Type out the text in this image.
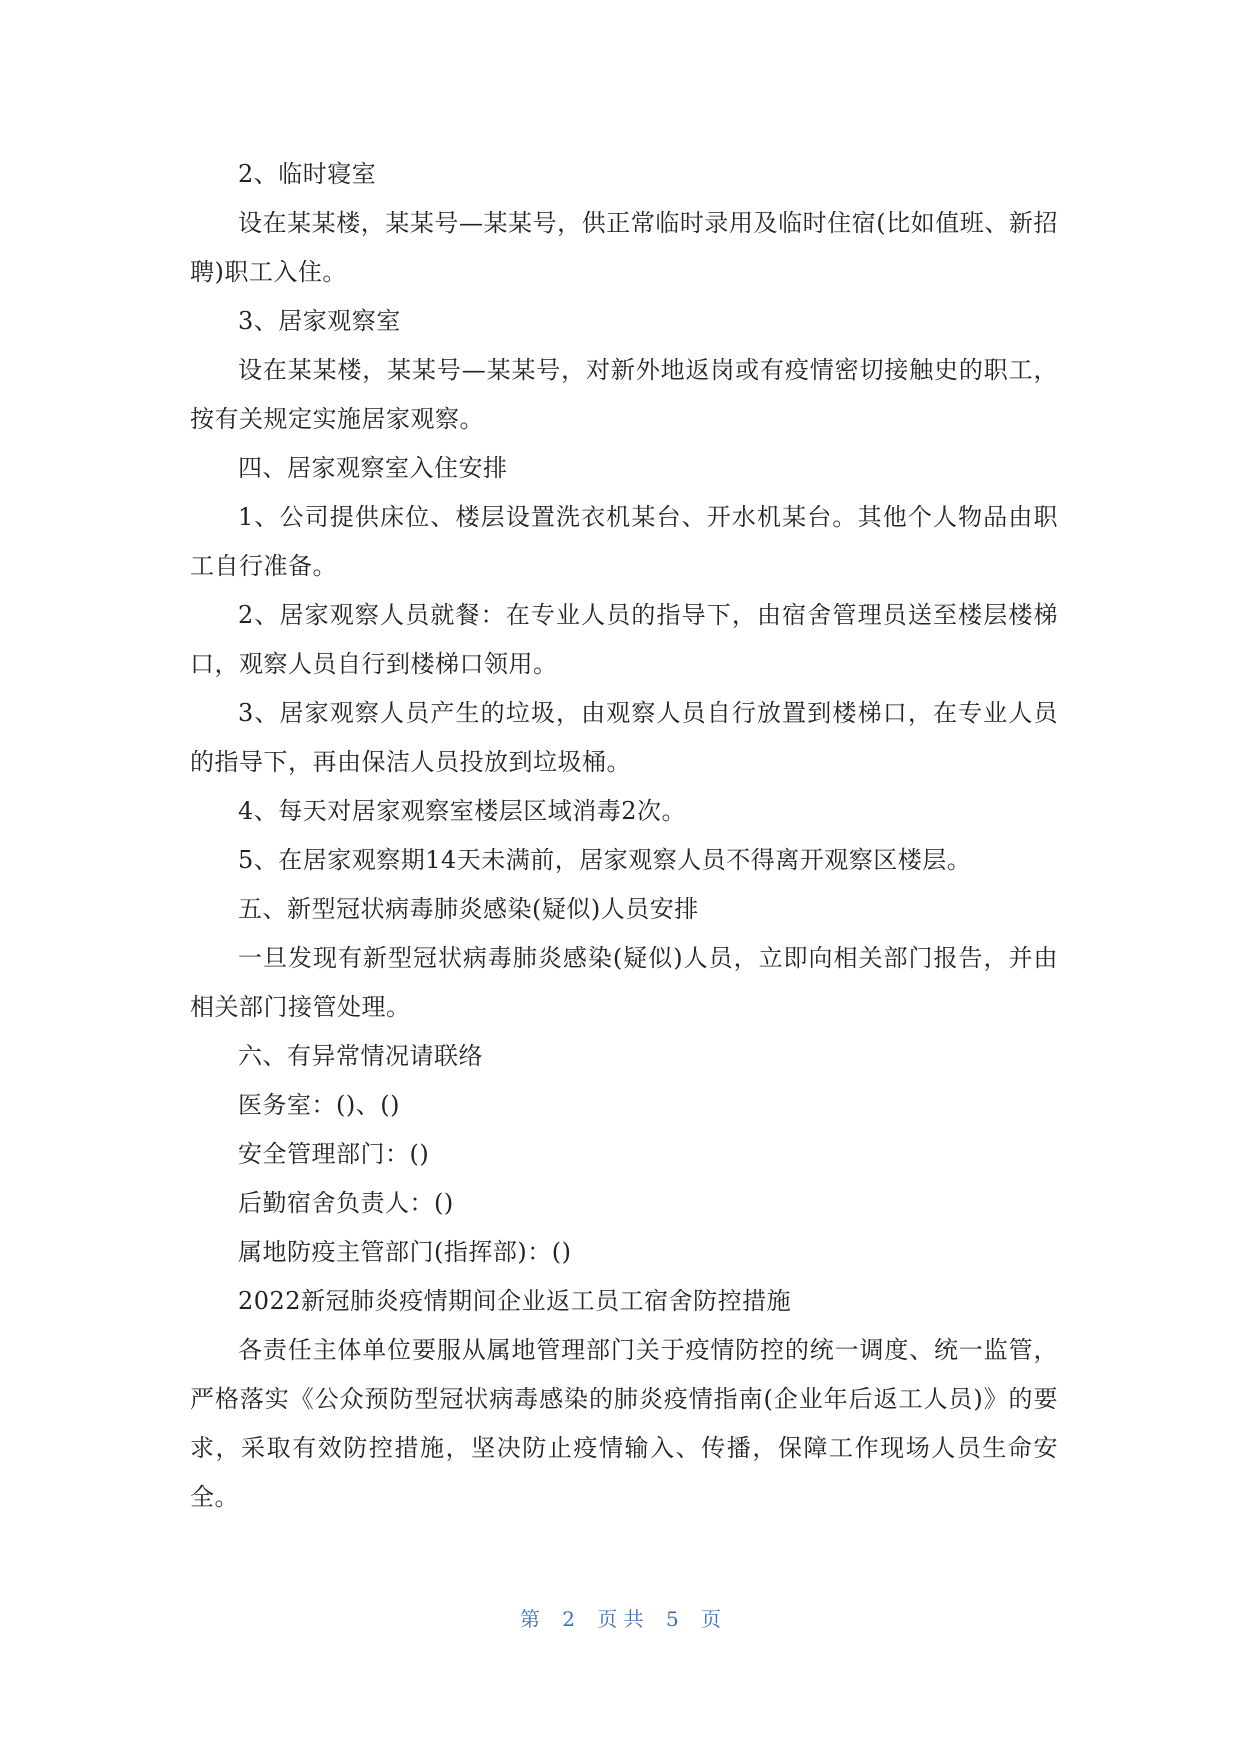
2、临时寝室

设在某某楼，某某号—某某号，供正常临时录用及临时住宿(比如值班、新招聘)职工入住。

3、居家观察室

设在某某楼，某某号—某某号，对新外地返岗或有疫情密切接触史的职工，按有关规定实施居家观察。

四、居家观察室入住安排

1、公司提供床位、楼层设置洗衣机某台、开水机某台。其他个人物品由职工自行准备。

2、居家观察人员就餐：在专业人员的指导下，由宿舍管理员送至楼层楼梯口，观察人员自行到楼梯口领用。

3、居家观察人员产生的垃圾，由观察人员自行放置到楼梯口，在专业人员的指导下，再由保洁人员投放到垃圾桶。

4、每天对居家观察室楼层区域消毒2次。

5、在居家观察期14天未满前，居家观察人员不得离开观察区楼层。

五、新型冠状病毒肺炎感染(疑似)人员安排

一旦发现有新型冠状病毒肺炎感染(疑似)人员，立即向相关部门报告，并由相关部门接管处理。

六、有异常情况请联络

医务室：()、()

安全管理部门：()

后勤宿舍负责人：()

属地防疫主管部门(指挥部)：()

2022新冠肺炎疫情期间企业返工员工宿舍防控措施

各责任主体单位要服从属地管理部门关于疫情防控的统一调度、统一监管，严格落实《公众预防型冠状病毒感染的肺炎疫情指南(企业年后返工人员)》的要求，采取有效防控措施，坚决防止疫情输入、传播，保障工作现场人员生命安全。

第 2 页 共 5 页
